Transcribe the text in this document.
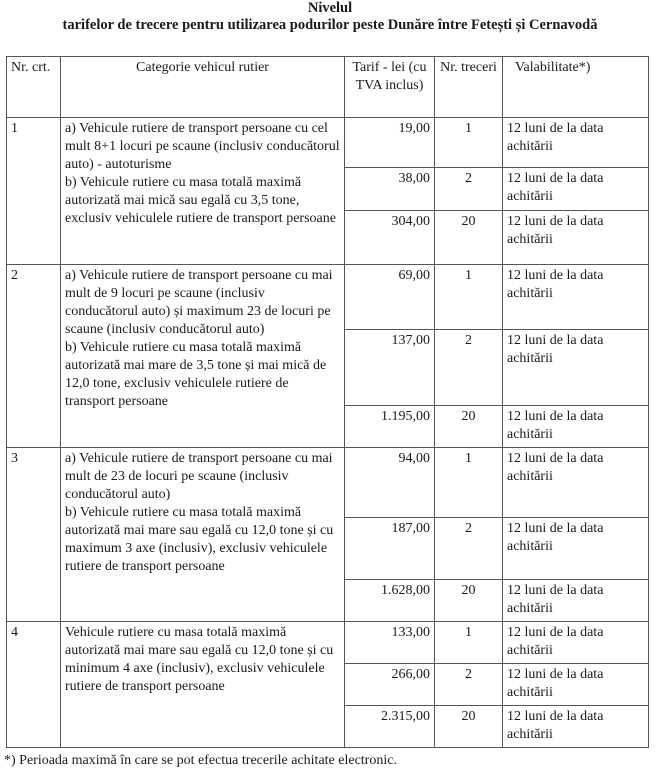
Nivelul
tarifelor de trecere pentru utilizarea podurilor peste Dunăre între Fetești și Cernavodă
Nr. crt.	Categorie vehicul rutier	Tarif - lei (cu TVA inclus)	Nr. treceri	Valabilitate*)
1	a) Vehicule rutiere de transport persoane cu cel mult 8+1 locuri pe scaune (inclusiv conducătorul auto) - autoturisme
b) Vehicule rutiere cu masa totală maximă autorizată mai mică sau egală cu 3,5 tone, exclusiv vehiculele rutiere de transport persoane	19,00	1	12 luni de la data achitării
		38,00	2	12 luni de la data achitării
		304,00	20	12 luni de la data achitării
2	a) Vehicule rutiere de transport persoane cu mai mult de 9 locuri pe scaune (inclusiv conducătorul auto) și maximum 23 de locuri pe scaune (inclusiv conducătorul auto)
b) Vehicule rutiere cu masa totală maximă autorizată mai mare de 3,5 tone și mai mică de 12,0 tone, exclusiv vehiculele rutiere de transport persoane	69,00	1	12 luni de la data achitării
		137,00	2	12 luni de la data achitării
		1.195,00	20	12 luni de la data achitării
3	a) Vehicule rutiere de transport persoane cu mai mult de 23 de locuri pe scaune (inclusiv conducătorul auto)
b) Vehicule rutiere cu masa totală maximă autorizată mai mare sau egală cu 12,0 tone și cu maximum 3 axe (inclusiv), exclusiv vehiculele rutiere de transport persoane	94,00	1	12 luni de la data achitării
		187,00	2	12 luni de la data achitării
		1.628,00	20	12 luni de la data achitării
4	Vehicule rutiere cu masa totală maximă autorizată mai mare sau egală cu 12,0 tone și cu minimum 4 axe (inclusiv), exclusiv vehiculele rutiere de transport persoane	133,00	1	12 luni de la data achitării
		266,00	2	12 luni de la data achitării
		2.315,00	20	12 luni de la data achitării
*) Perioada maximă în care se pot efectua trecerile achitate electronic.
